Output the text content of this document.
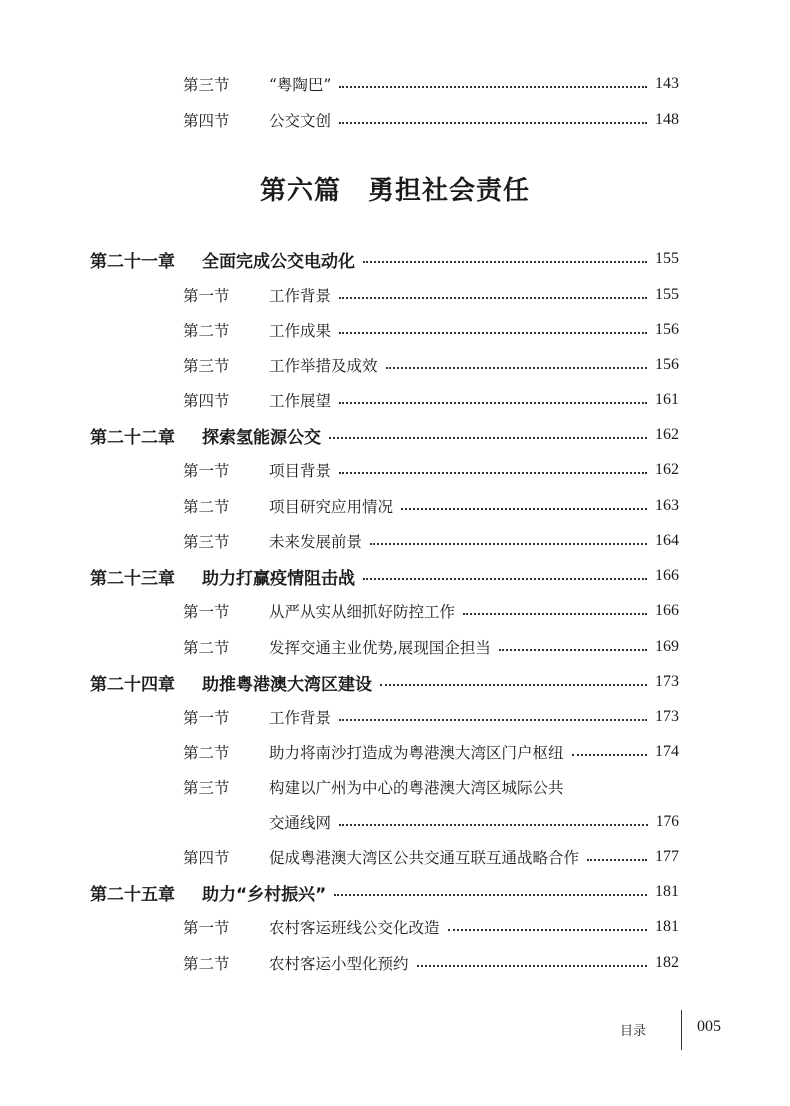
第三节	“粤陶巴”	143
第四节	公交文创	148
第六篇　勇担社会责任
第二十一章	全面完成公交电动化	155
第一节	工作背景	155
第二节	工作成果	156
第三节	工作举措及成效	156
第四节	工作展望	161
第二十二章	探索氢能源公交	162
第一节	项目背景	162
第二节	项目研究应用情况	163
第三节	未来发展前景	164
第二十三章	助力打赢疫情阻击战	166
第一节	从严从实从细抓好防控工作	166
第二节	发挥交通主业优势,展现国企担当	169
第二十四章	助推粤港澳大湾区建设	173
第一节	工作背景	173
第二节	助力将南沙打造成为粤港澳大湾区门户枢纽	174
第三节	构建以广州为中心的粤港澳大湾区城际公共
交通线网	176
第四节	促成粤港澳大湾区公共交通互联互通战略合作	177
第二十五章	助力“乡村振兴”	181
第一节	农村客运班线公交化改造	181
第二节	农村客运小型化预约	182
目录	005
